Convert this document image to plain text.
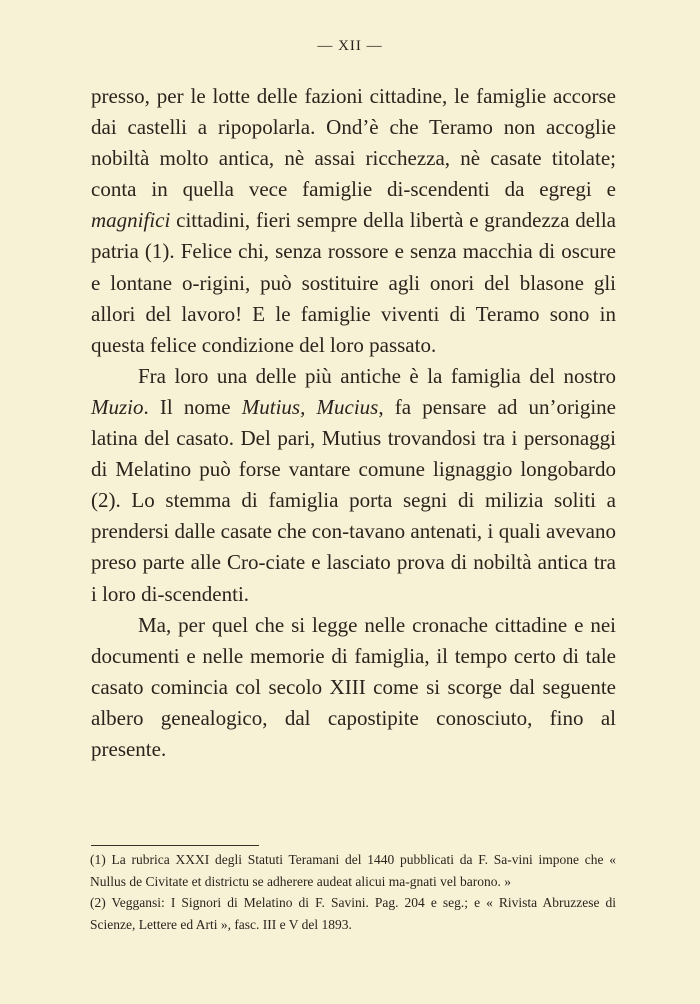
— XII —

presso, per le lotte delle fazioni cittadine, le famiglie accorse dai castelli a ripopolarla. Ond’è che Teramo non accoglie nobiltà molto antica, nè assai ricchezza, nè casate titolate; conta in quella vece famiglie di-scendenti da egregi e magnifici cittadini, fieri sempre della libertà e grandezza della patria (1). Felice chi, senza rossore e senza macchia di oscure e lontane o-rigini, può sostituire agli onori del blasone gli allori del lavoro! E le famiglie viventi di Teramo sono in questa felice condizione del loro passato.

Fra loro una delle più antiche è la famiglia del nostro Muzio. Il nome Mutius, Mucius, fa pensare ad un’origine latina del casato. Del pari, Mutius trovandosi tra i personaggi di Melatino può forse vantare comune lignaggio longobardo (2). Lo stemma di famiglia porta segni di milizia soliti a prendersi dalle casate che con-tavano antenati, i quali avevano preso parte alle Cro-ciate e lasciato prova di nobiltà antica tra i loro di-scendenti.

Ma, per quel che si legge nelle cronache cittadine e nei documenti e nelle memorie di famiglia, il tempo certo di tale casato comincia col secolo XIII come si scorge dal seguente albero genealogico, dal capostipite conosciuto, fino al presente.

(1) La rubrica XXXI degli Statuti Teramani del 1440 pubblicati da F. Sa-vini impone che « Nullus de Civitate et districtu se adherere audeat alicui ma-gnati vel barono. »

(2) Veggansi: I Signori di Melatino di F. Savini. Pag. 204 e seg.; e « Rivista Abruzzese di Scienze, Lettere ed Arti », fasc. III e V del 1893.
